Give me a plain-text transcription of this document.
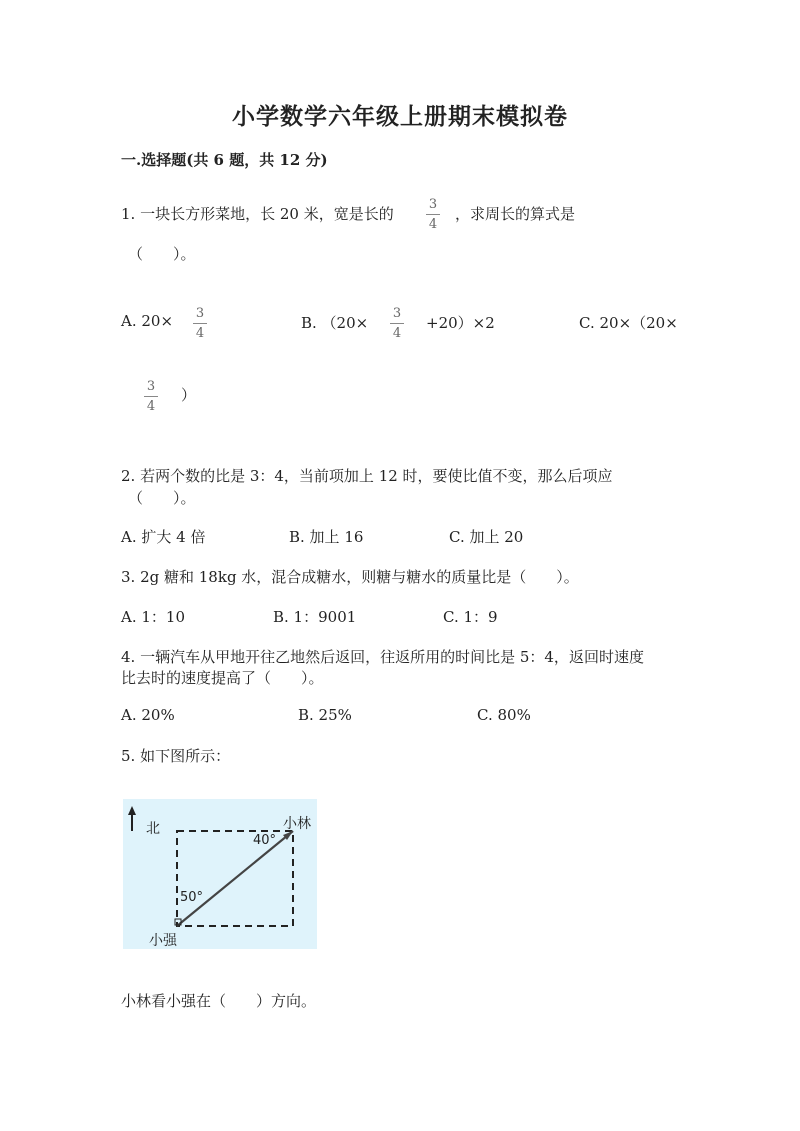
小学数学六年级上册期末模拟卷
一.选择题(共 6 题，共 12 分)
1. 一块长方形菜地，长 20 米，宽是长的
3
4
，求周长的算式是
（　　）。
A. 20× 3
4
B. （20×
3
4
+20）×2	C. 20×（20×
3
4
）
2. 若两个数的比是 3：4，当前项加上 12 时，要使比值不变，那么后项应
（　　）。
A. 扩大 4 倍	B. 加上 16	C. 加上 20
3. 2g 糖和 18kg 水，混合成糖水，则糖与糖水的质量比是（　　）。
A. 1：10	B. 1：9001	C. 1：9
4. 一辆汽车从甲地开往乙地然后返回，往返所用的时间比是 5：4，返回时速度
比去时的速度提高了（　　）。
A. 20%	B. 25%	C. 80%
5. 如下图所示：
北	小林
40°
50°
小强
小林看小强在（　　）方向。
